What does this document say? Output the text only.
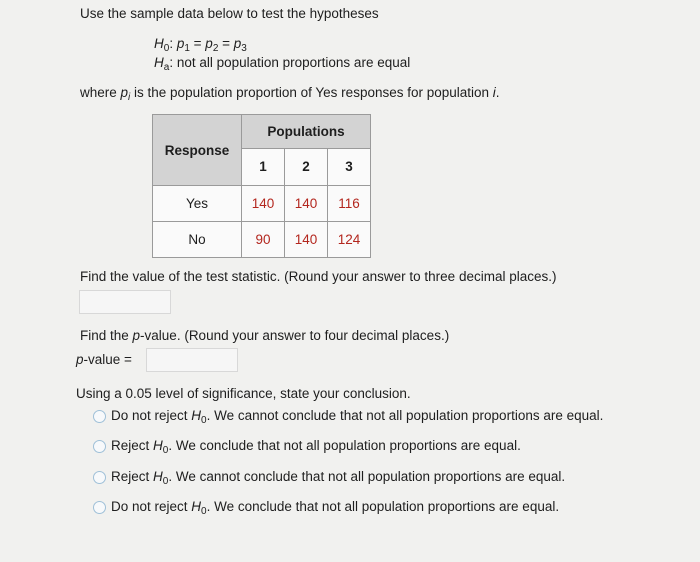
Use the sample data below to test the hypotheses
$H_0$: $p_1 = p_2 = p_3$
$H_a$: not all population proportions are equal
where $p_i$ is the population proportion of Yes responses for population i.
Response	Populations		
	1	2	3
Yes	140	140	116
No	90	140	124
Find the value of the test statistic. (Round your answer to three decimal places.)
Find the p-value. (Round your answer to four decimal places.)
p-value =
Using a 0.05 level of significance, state your conclusion.
Do not reject $H_0$. We cannot conclude that not all population proportions are equal.
Reject $H_0$. We conclude that not all population proportions are equal.
Reject $H_0$. We cannot conclude that not all population proportions are equal.
Do not reject $H_0$. We conclude that not all population proportions are equal.
